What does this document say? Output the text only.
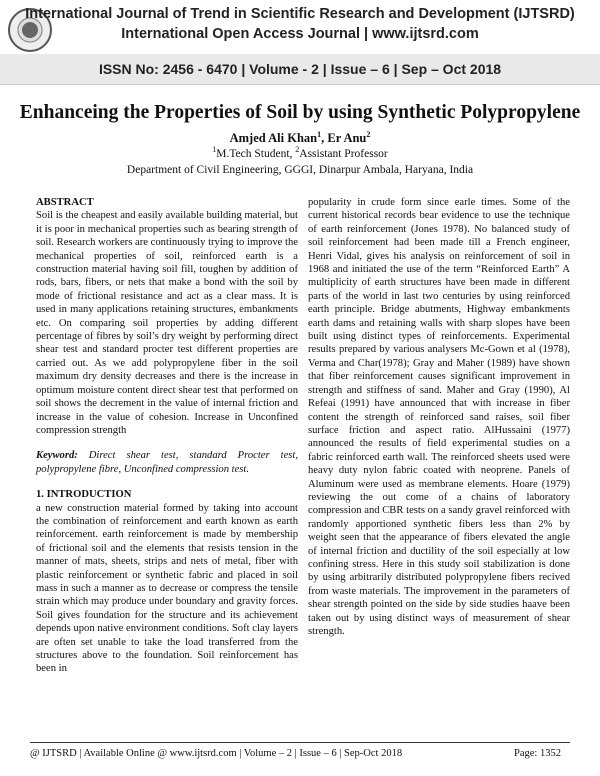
International Journal of Trend in Scientific Research and Development (IJTSRD)
International Open Access Journal | www.ijtsrd.com
ISSN No: 2456 - 6470 | Volume - 2 | Issue – 6 | Sep – Oct 2018
Enhanceing the Properties of Soil by using Synthetic Polypropylene
Amjed Ali Khan$^1$, Er Anu$^2$
$^1$M.Tech Student, $^2$Assistant Professor
Department of Civil Engineering, GGGI, Dinarpur Ambala, Haryana, India

ABSTRACT

Soil is the cheapest and easily available building material, but it is poor in mechanical properties such as bearing strength of soil. Research workers are continuously trying to improve the mechanical properties of soil, reinforced earth is a construction material having soil fill, toughen by addition of rods, bars, fibers, or nets that make a bond with the soil by mode of frictional resistance and act as a clear mass. It is used in many applications retaining structures, embankments etc. On comparing soil properties by adding different percentage of fibres by soil’s dry weight by performing direct shear test and standard procter test different properties are carried out. As we add polypropylene fiber in the soil maximum dry density decreases and there is the increase in optimum moisture content direct shear test that performed on soil shows the decrement in the value of internal friction and increase in the value of cohesion. Increase in Unconfined compression strength

Keyword: Direct shear test, standard Procter test, polypropylene fibre, Unconfined compression test.

1. INTRODUCTION

a new construction material formed by taking into account the combination of reinforcement and earth known as earth reinforcement. earth reinforcement is made by membership of frictional soil and the elements that resists tension in the manner of mats, sheets, strips and nets of metal, fiber with plastic reinforcement or synthetic fabric and placed in soil mass in such a manner as to decrease or compress the tensile strain which may produce under boundary and gravity forces. Soil gives foundation for the structure and its achievement depends upon native environment conditions. Soft clay layers are often set unable to take the load transferred from the structures above to the foundation. Soil reinforcement has been in

popularity in crude form since earle times. Some of the current historical records bear evidence to use the technique of earth reinforcement (Jones 1978). No balanced study of soil reinforcement had been made till a French engineer, Henri Vidal, gives his analysis on reinforcement of soil in 1968 and initiated the use of the term “Reinforced Earth” A multiplicity of earth structures have been made in different parts of the world in last two centuries by using reinforced earth principle. Bridge abutments, Highway embankments earth dams and retaining walls with sharp slopes have been built using distinct types of reinforcements. Experimental results prepared by various analysers Mc-Gown et al (1978), Verma and Char(1978); Gray and Maher (1989) have shown that fiber reinforcement causes significant improvement in strength and stiffness of sand. Maher and Gray (1990), Al Refeai (1991) have announced that with increase in fiber content the strength of reinforced sand raises, soil fiber surface friction and aspect ratio. AlHussaini (1977) announced the results of field experimental studies on a fabric reinforced earth wall. The reinforced sheets used were heavy duty nylon fabric coated with neoprene. Panels of Aluminum were used as membrane elements. Hoare (1979) reviewing the out come of a chains of laboratory compression and CBR tests on a sandy gravel reinforced with randomly apportioned synthetic fibers less than 2% by weight seen that the appearance of fibers elevated the angle of internal friction and ductility of the soil especially at low confining stress. Here in this study soil stabilization is done by using arbitrarily distributed polypropylene fibers recived from waste materials. The improvement in the parameters of shear strength pointed on the side by side studies haave been taken out by using distinct ways of measurement of shear strength.

@ IJTSRD | Available Online @ www.ijtsrd.com | Volume – 2 | Issue – 6 | Sep-Oct 2018	Page: 1352
